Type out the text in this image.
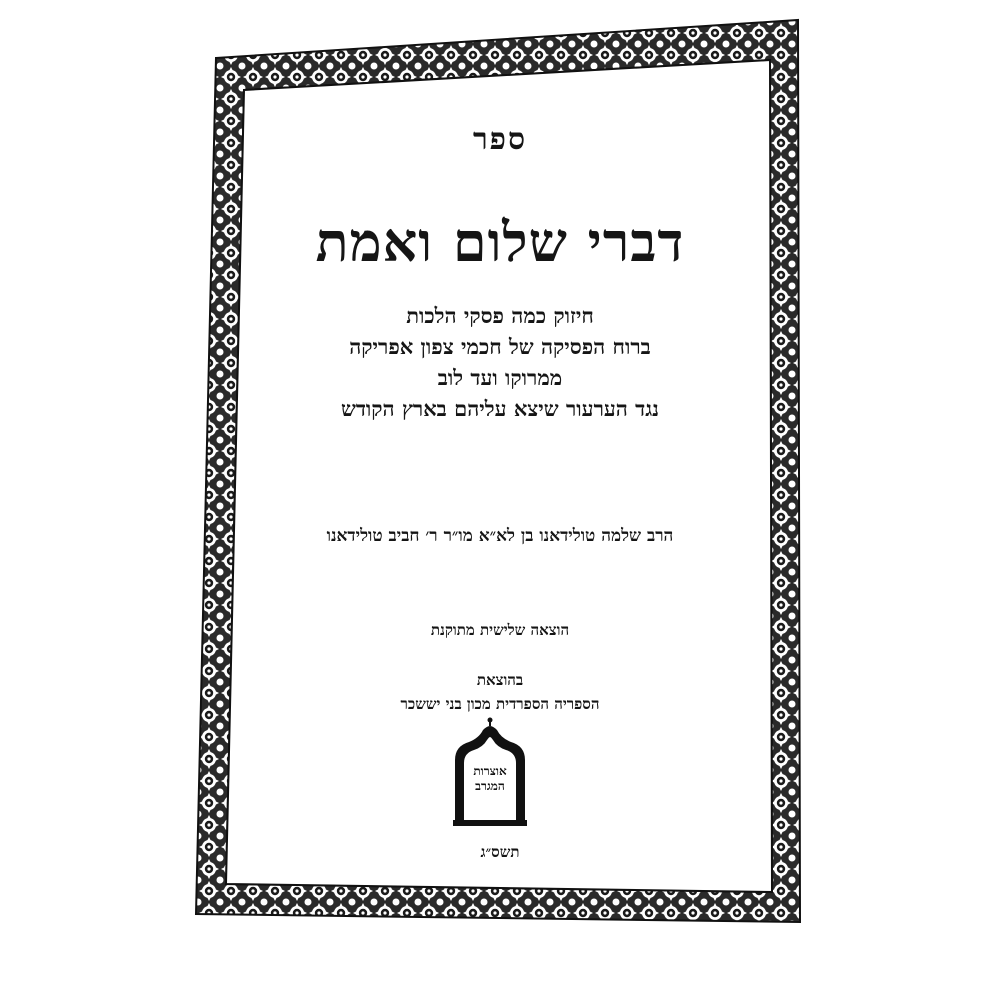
ספר
דברי שלום ואמת
חיזוק כמה פסקי הלכות
ברוח הפסיקה של חכמי צפון אפריקה
ממרוקו ועד לוב
נגד הערעור שיצא עליהם בארץ הקודש
הרב שלמה טולידאנו בן לא״א מו״ר ר׳ חביב טולידאנו
הוצאה שלישית מתוקנת
בהוצאת
הספריה הספרדית מכון בני יששכר
אוצרות
המגרב
תשס״ג
